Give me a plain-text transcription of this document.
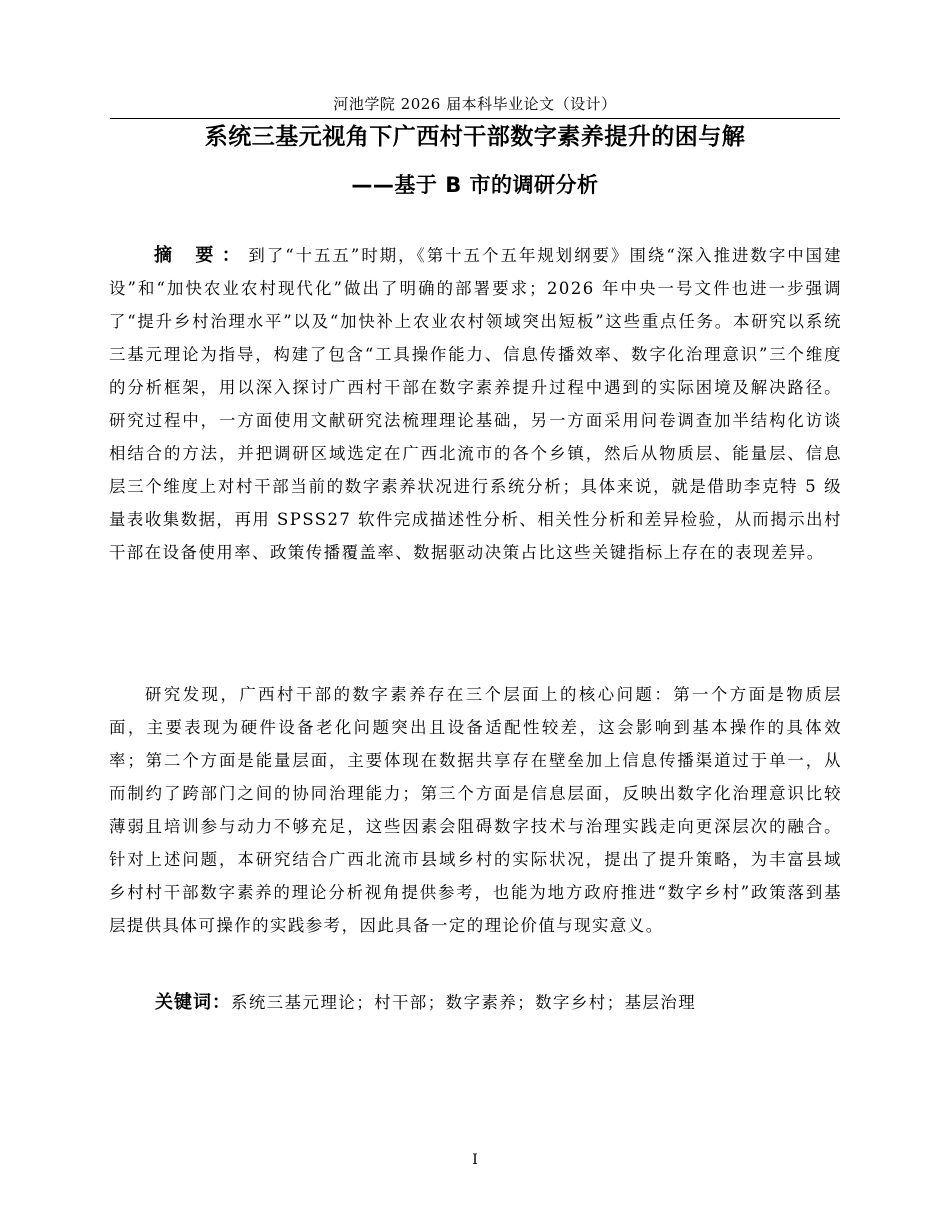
河池学院 2026 届本科毕业论文（设计）
系统三基元视角下广西村干部数字素养提升的困与解
——基于 B 市的调研分析

摘 要：到了“十五五”时期，《第十五个五年规划纲要》围绕“深入推进数字中国建设”和“加快农业农村现代化”做出了明确的部署要求；2026 年中央一号文件也进一步强调了“提升乡村治理水平”以及“加快补上农业农村领域突出短板”这些重点任务。本研究以系统三基元理论为指导，构建了包含“工具操作能力、信息传播效率、数字化治理意识”三个维度的分析框架，用以深入探讨广西村干部在数字素养提升过程中遇到的实际困境及解决路径。研究过程中，一方面使用文献研究法梳理理论基础，另一方面采用问卷调查加半结构化访谈相结合的方法，并把调研区域选定在广西北流市的各个乡镇，然后从物质层、能量层、信息层三个维度上对村干部当前的数字素养状况进行系统分析；具体来说，就是借助李克特 5 级量表收集数据，再用 SPSS27 软件完成描述性分析、相关性分析和差异检验，从而揭示出村干部在设备使用率、政策传播覆盖率、数据驱动决策占比这些关键指标上存在的表现差异。

研究发现，广西村干部的数字素养存在三个层面上的核心问题：第一个方面是物质层面，主要表现为硬件设备老化问题突出且设备适配性较差，这会影响到基本操作的具体效率；第二个方面是能量层面，主要体现在数据共享存在壁垒加上信息传播渠道过于单一，从而制约了跨部门之间的协同治理能力；第三个方面是信息层面，反映出数字化治理意识比较薄弱且培训参与动力不够充足，这些因素会阻碍数字技术与治理实践走向更深层次的融合。针对上述问题，本研究结合广西北流市县域乡村的实际状况，提出了提升策略，为丰富县域乡村村干部数字素养的理论分析视角提供参考，也能为地方政府推进“数字乡村”政策落到基层提供具体可操作的实践参考，因此具备一定的理论价值与现实意义。

关键词：系统三基元理论；村干部；数字素养；数字乡村；基层治理
I
